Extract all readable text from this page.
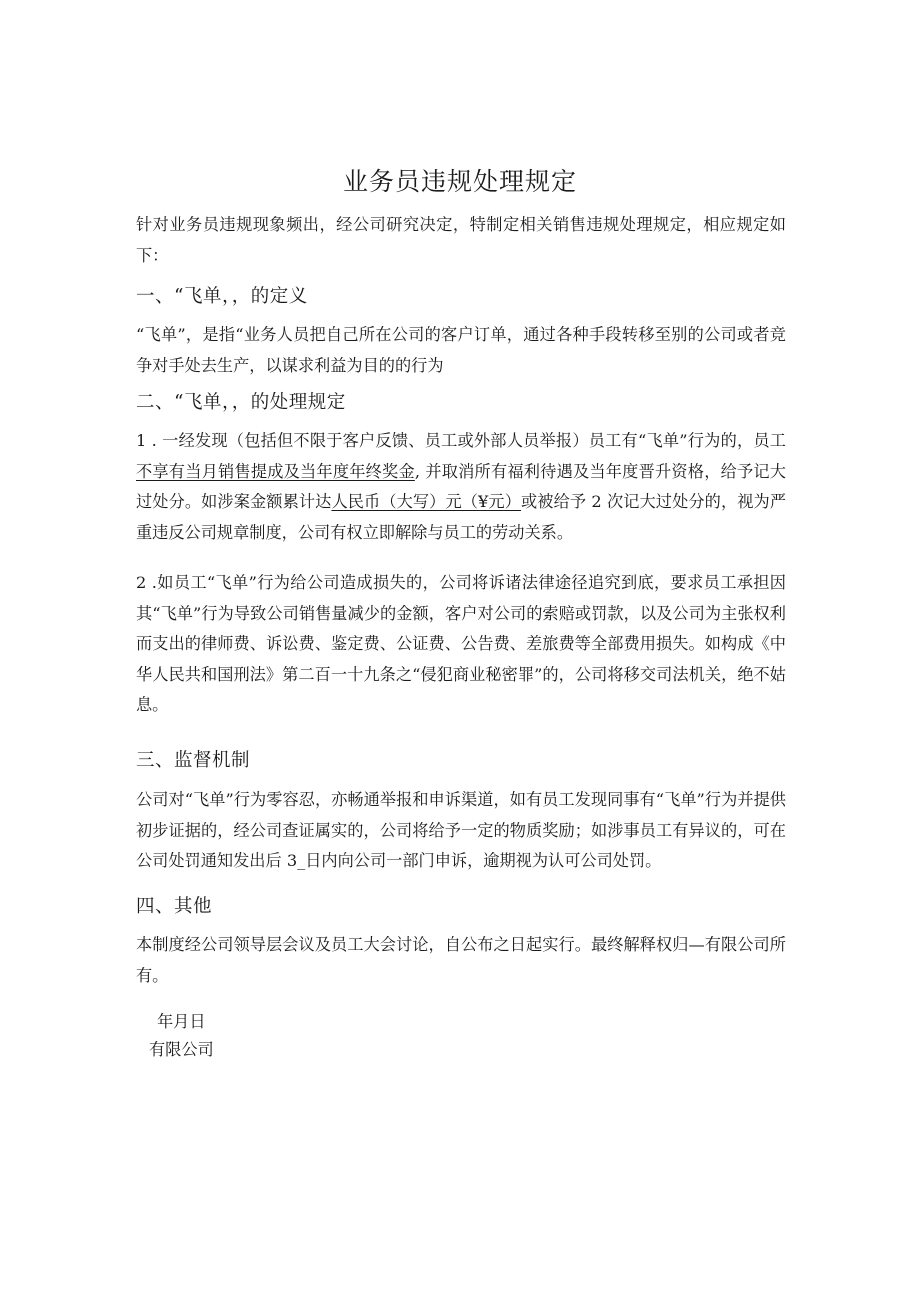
业务员违规处理规定
针对业务员违规现象频出，经公司研究决定，特制定相关销售违规处理规定，相应规定如下：
一、“飞单，，的定义
“飞单”，是指“业务人员把自己所在公司的客户订单，通过各种手段转移至别的公司或者竞争对手处去生产，以谋求利益为目的的行为
二、“飞单，，的处理规定
1 . 一经发现（包括但不限于客户反馈、员工或外部人员举报）员工有“飞单”行为的，员工不享有当月销售提成及当年度年终奖金, 并取消所有福利待遇及当年度晋升资格，给予记大过处分。如涉案金额累计达人民币（大写）元（¥元）或被给予 2 次记大过处分的，视为严重违反公司规章制度，公司有权立即解除与员工的劳动关系。
2 .如员工“飞单”行为给公司造成损失的，公司将诉诸法律途径追究到底，要求员工承担因其“飞单”行为导致公司销售量减少的金额，客户对公司的索赔或罚款，以及公司为主张权利而支出的律师费、诉讼费、鉴定费、公证费、公告费、差旅费等全部费用损失。如构成《中华人民共和国刑法》第二百一十九条之“侵犯商业秘密罪”的，公司将移交司法机关，绝不姑息。
三、监督机制
公司对“飞单”行为零容忍，亦畅通举报和申诉渠道，如有员工发现同事有“飞单”行为并提供初步证据的，经公司查证属实的，公司将给予一定的物质奖励；如涉事员工有异议的，可在公司处罚通知发出后 3_日内向公司一部门申诉，逾期视为认可公司处罚。
四、其他
本制度经公司领导层会议及员工大会讨论，自公布之日起实行。最终解释权归—有限公司所有。
年月日
有限公司
